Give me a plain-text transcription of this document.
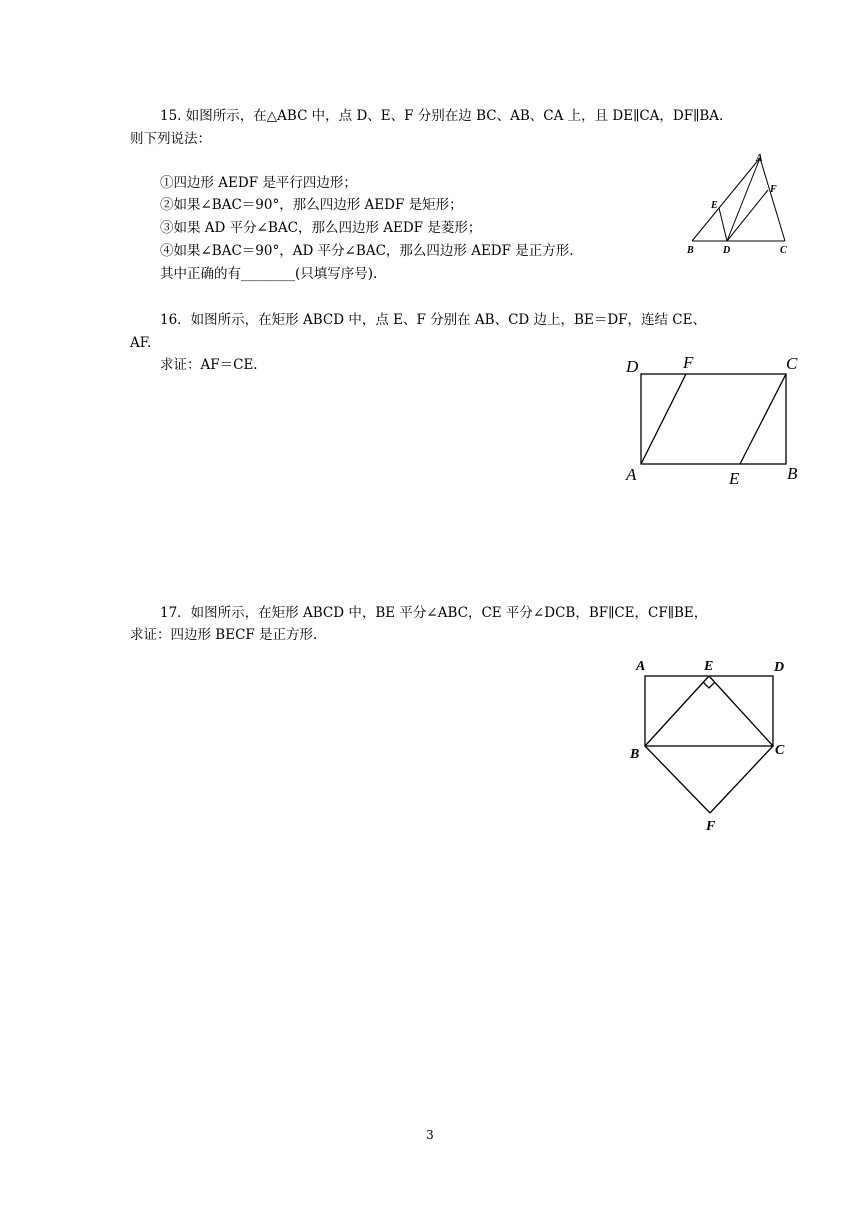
15. 如图所示，在△ABC 中，点 D、E、F 分别在边 BC、AB、CA 上，且 DE∥CA，DF∥BA.
则下列说法：
①四边形 AEDF 是平行四边形；
②如果∠BAC＝90°，那么四边形 AEDF 是矩形；
③如果 AD 平分∠BAC，那么四边形 AEDF 是菱形；
④如果∠BAC＝90°，AD 平分∠BAC，那么四边形 AEDF 是正方形.
其中正确的有________(只填写序号).
A
B	C
D
E
F
16．如图所示，在矩形 ABCD 中，点 E、F 分别在 AB、CD 边上，BE＝DF，连结 CE、
AF.
求证：AF＝CE.	D	F	C
A	E	B
17．如图所示，在矩形 ABCD 中，BE 平分∠ABC，CE 平分∠DCB，BF∥CE，CF∥BE，
求证：四边形 BECF 是正方形.
A	E	D
B	C
F
3
